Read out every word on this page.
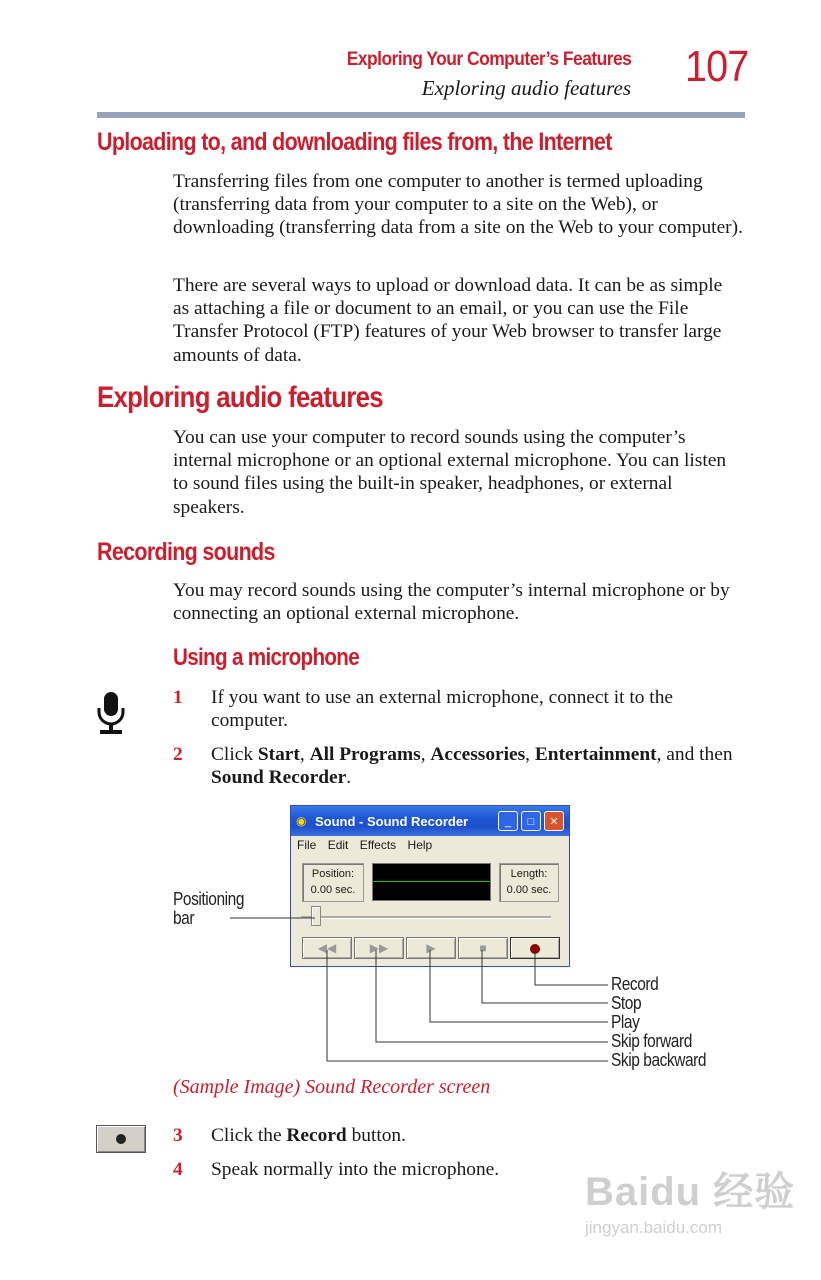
Exploring Your Computer’s Features
Exploring audio features 107
Uploading to, and downloading files from, the Internet

Transferring files from one computer to another is termed uploading (transferring data from your computer to a site on the Web), or downloading (transferring data from a site on the Web to your computer).

There are several ways to upload or download data. It can be as simple as attaching a file or document to an email, or you can use the File Transfer Protocol (FTP) features of your Web browser to transfer large amounts of data.

Exploring audio features

You can use your computer to record sounds using the computer’s internal microphone or an optional external microphone. You can listen to sound files using the built-in speaker, headphones, or external speakers.

Recording sounds

You may record sounds using the computer’s internal microphone or by connecting an optional external microphone.

Using a microphone
1 If you want to use an external microphone, connect it to the computer.
2 Click Start, All Programs, Accessories, Entertainment, and then Sound Recorder.
◉ Sound - Sound Recorder	_	□	✕
File Edit Effects Help
Position:
0.00 sec.
Length:
0.00 sec.
◀◀	▶▶	▶	■
Positioning bar
Record
Stop
Play
Skip forward
Skip backward
(Sample Image) Sound Recorder screen
3 Click the Record button.
4 Speak normally into the microphone.
Baidu 经验
jingyan.baidu.com
